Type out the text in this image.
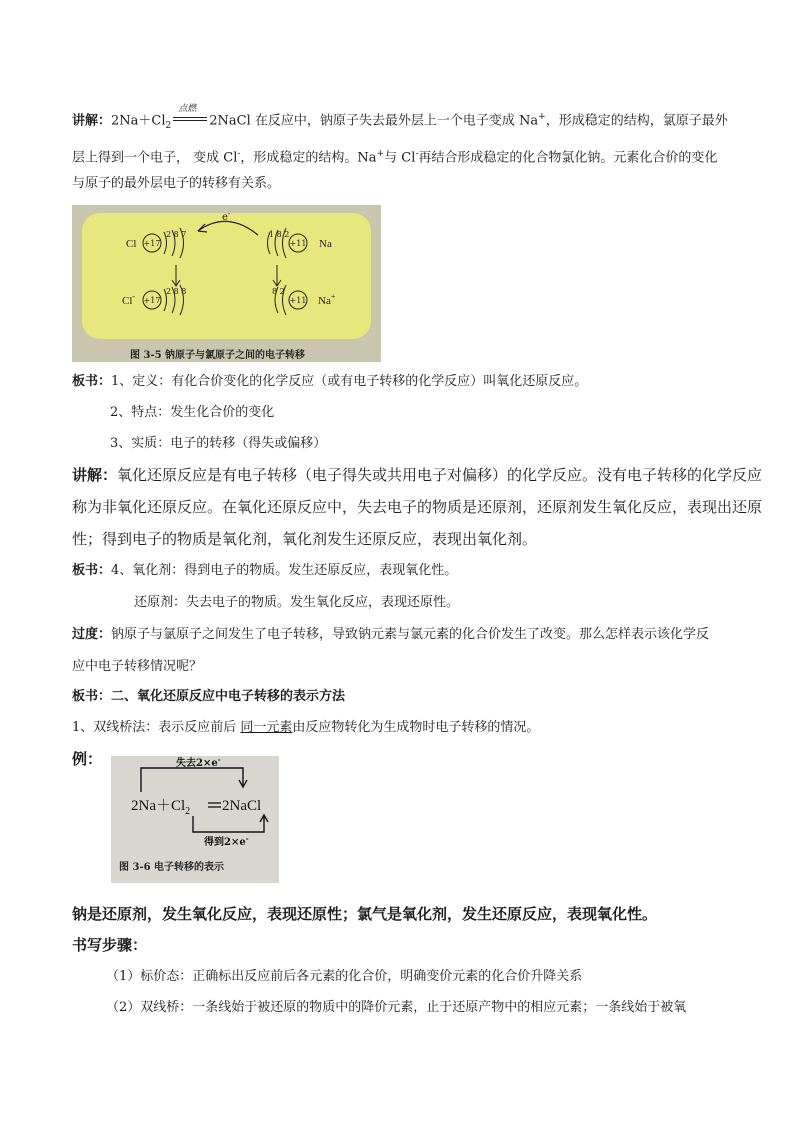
讲解：$2Na+Cl_2$
点燃
2NaCl 在反应中，钠原子失去最外层上一个电子变成 Na+，形成稳定的结构，氯原子最外
层上得到一个电子， 变成 Cl-，形成稳定的结构。Na+与 Cl-再结合形成稳定的化合物氯化钠。元素化合价的变化
与原子的最外层电子的转移有关系。
Cl +17
2 8 7	1 8 2
+11 Na
e-
Cl- +17
2 8 8	8 2
+11 Na+
图 3-5 钠原子与氯原子之间的电子转移
板书：1、定义：有化合价变化的化学反应（或有电子转移的化学反应）叫氧化还原反应。
2、特点：发生化合价的变化
3、实质：电子的转移（得失或偏移）
讲解：氧化还原反应是有电子转移（电子得失或共用电子对偏移）的化学反应。没有电子转移的化学反应
称为非氧化还原反应。在氧化还原反应中，失去电子的物质是还原剂，还原剂发生氧化反应，表现出还原
性；得到电子的物质是氧化剂，氧化剂发生还原反应，表现出氧化剂。
板书：4、氧化剂：得到电子的物质。发生还原反应，表现氧化性。
还原剂：失去电子的物质。发生氧化反应，表现还原性。
过度：钠原子与氯原子之间发生了电子转移，导致钠元素与氯元素的化合价发生了改变。那么怎样表示该化学反
应中电子转移情况呢？
板书：二、氧化还原反应中电子转移的表示方法
1、双线桥法：表示反应前后 同一元素由反应物转化为生成物时电子转移的情况。
例：	失去2×e-
$2Na+Cl_2$ 2NaCl
得到2×e-
图 3-6 电子转移的表示
钠是还原剂，发生氧化反应，表现还原性；氯气是氧化剂，发生还原反应，表现氧化性。
书写步骤：
（1）标价态：正确标出反应前后各元素的化合价，明确变价元素的化合价升降关系
（2）双线桥：一条线始于被还原的物质中的降价元素，止于还原产物中的相应元素；一条线始于被氧
